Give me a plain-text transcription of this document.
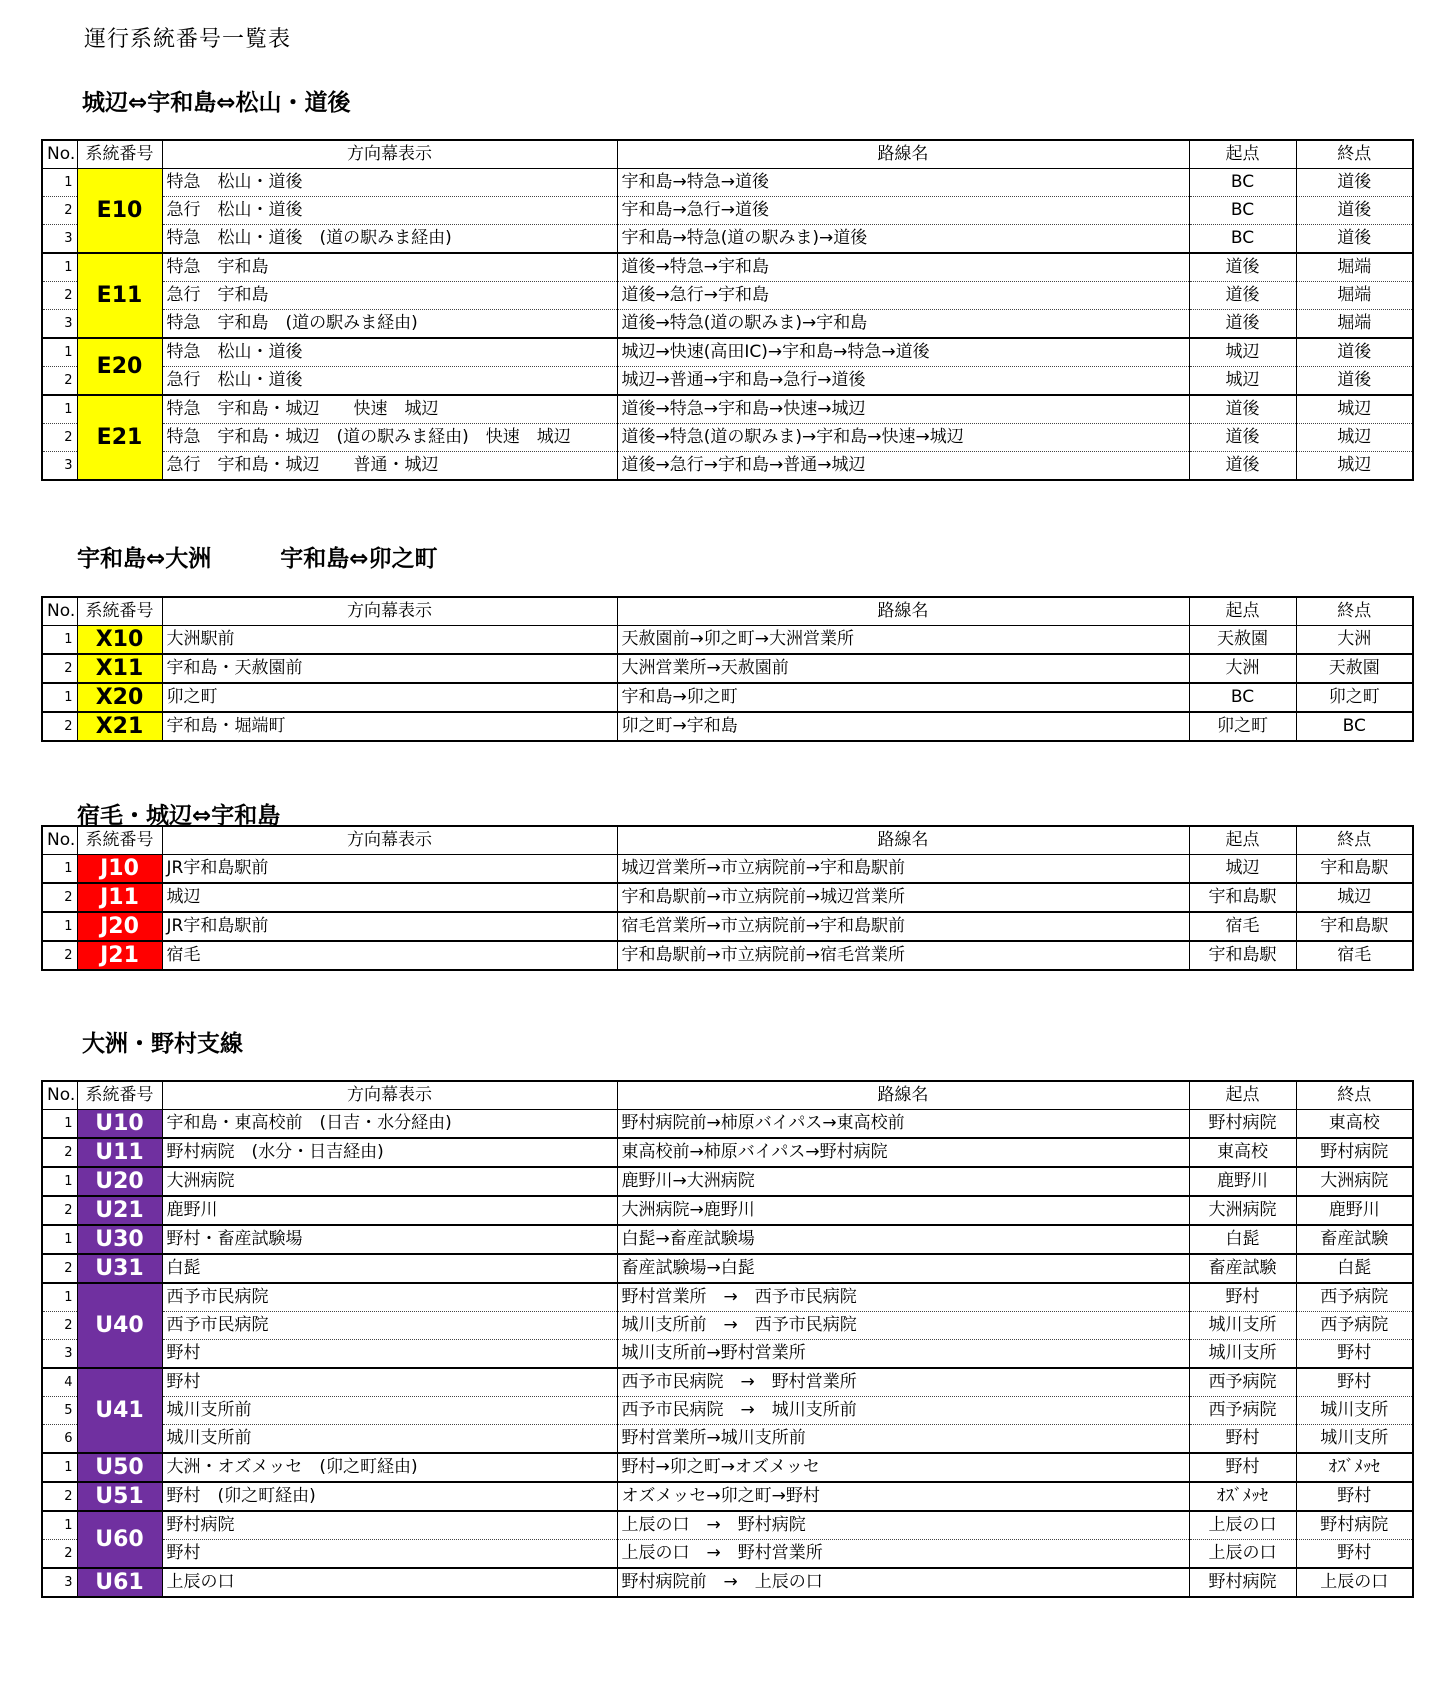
運行系統番号一覧表
城辺⇔宇和島⇔松山・道後
No.	系統番号	方向幕表示	路線名	起点	終点
1	E10	特急　松山・道後	宇和島→特急→道後	BC	道後
2		急行　松山・道後	宇和島→急行→道後	BC	道後
3		特急　松山・道後　(道の駅みま経由)	宇和島→特急(道の駅みま)→道後	BC	道後
1	E11	特急　宇和島	道後→特急→宇和島	道後	堀端
2		急行　宇和島	道後→急行→宇和島	道後	堀端
3		特急　宇和島　(道の駅みま経由)	道後→特急(道の駅みま)→宇和島	道後	堀端
1	E20	特急　松山・道後	城辺→快速(高田IC)→宇和島→特急→道後	城辺	道後
2		急行　松山・道後	城辺→普通→宇和島→急行→道後	城辺	道後
1	E21	特急　宇和島・城辺　　快速　城辺	道後→特急→宇和島→快速→城辺	道後	城辺
2		特急　宇和島・城辺　(道の駅みま経由)　快速　城辺	道後→特急(道の駅みま)→宇和島→快速→城辺	道後	城辺
3		急行　宇和島・城辺　　普通・城辺	道後→急行→宇和島→普通→城辺	道後	城辺
宇和島⇔大洲　　　宇和島⇔卯之町
No.	系統番号	方向幕表示	路線名	起点	終点
1	X10	大洲駅前	天赦園前→卯之町→大洲営業所	天赦園	大洲
2	X11	宇和島・天赦園前	大洲営業所→天赦園前	大洲	天赦園
1	X20	卯之町	宇和島→卯之町	BC	卯之町
2	X21	宇和島・堀端町	卯之町→宇和島	卯之町	BC
宿毛・城辺⇔宇和島
No.	系統番号	方向幕表示	路線名	起点	終点
1	J10	JR宇和島駅前	城辺営業所→市立病院前→宇和島駅前	城辺	宇和島駅
2	J11	城辺	宇和島駅前→市立病院前→城辺営業所	宇和島駅	城辺
1	J20	JR宇和島駅前	宿毛営業所→市立病院前→宇和島駅前	宿毛	宇和島駅
2	J21	宿毛	宇和島駅前→市立病院前→宿毛営業所	宇和島駅	宿毛
大洲・野村支線
No.	系統番号	方向幕表示	路線名	起点	終点
1	U10	宇和島・東高校前　(日吉・水分経由)	野村病院前→柿原バイパス→東高校前	野村病院	東高校
2	U11	野村病院　(水分・日吉経由)	東高校前→柿原バイパス→野村病院	東高校	野村病院
1	U20	大洲病院	鹿野川→大洲病院	鹿野川	大洲病院
2	U21	鹿野川	大洲病院→鹿野川	大洲病院	鹿野川
1	U30	野村・畜産試験場	白髭→畜産試験場	白髭	畜産試験
2	U31	白髭	畜産試験場→白髭	畜産試験	白髭
1	U40	西予市民病院	野村営業所　→　西予市民病院	野村	西予病院
2		西予市民病院	城川支所前　→　西予市民病院	城川支所	西予病院
3		野村	城川支所前→野村営業所	城川支所	野村
4	U41	野村	西予市民病院　→　野村営業所	西予病院	野村
5		城川支所前	西予市民病院　→　城川支所前	西予病院	城川支所
6		城川支所前	野村営業所→城川支所前	野村	城川支所
1	U50	大洲・オズメッセ　(卯之町経由)	野村→卯之町→オズメッセ	野村	ｵｽﾞﾒｯｾ
2	U51	野村　(卯之町経由)	オズメッセ→卯之町→野村	ｵｽﾞﾒｯｾ	野村
1	U60	野村病院	上辰の口　→　野村病院	上辰の口	野村病院
2		野村	上辰の口　→　野村営業所	上辰の口	野村
3	U61	上辰の口	野村病院前　→　上辰の口	野村病院	上辰の口
